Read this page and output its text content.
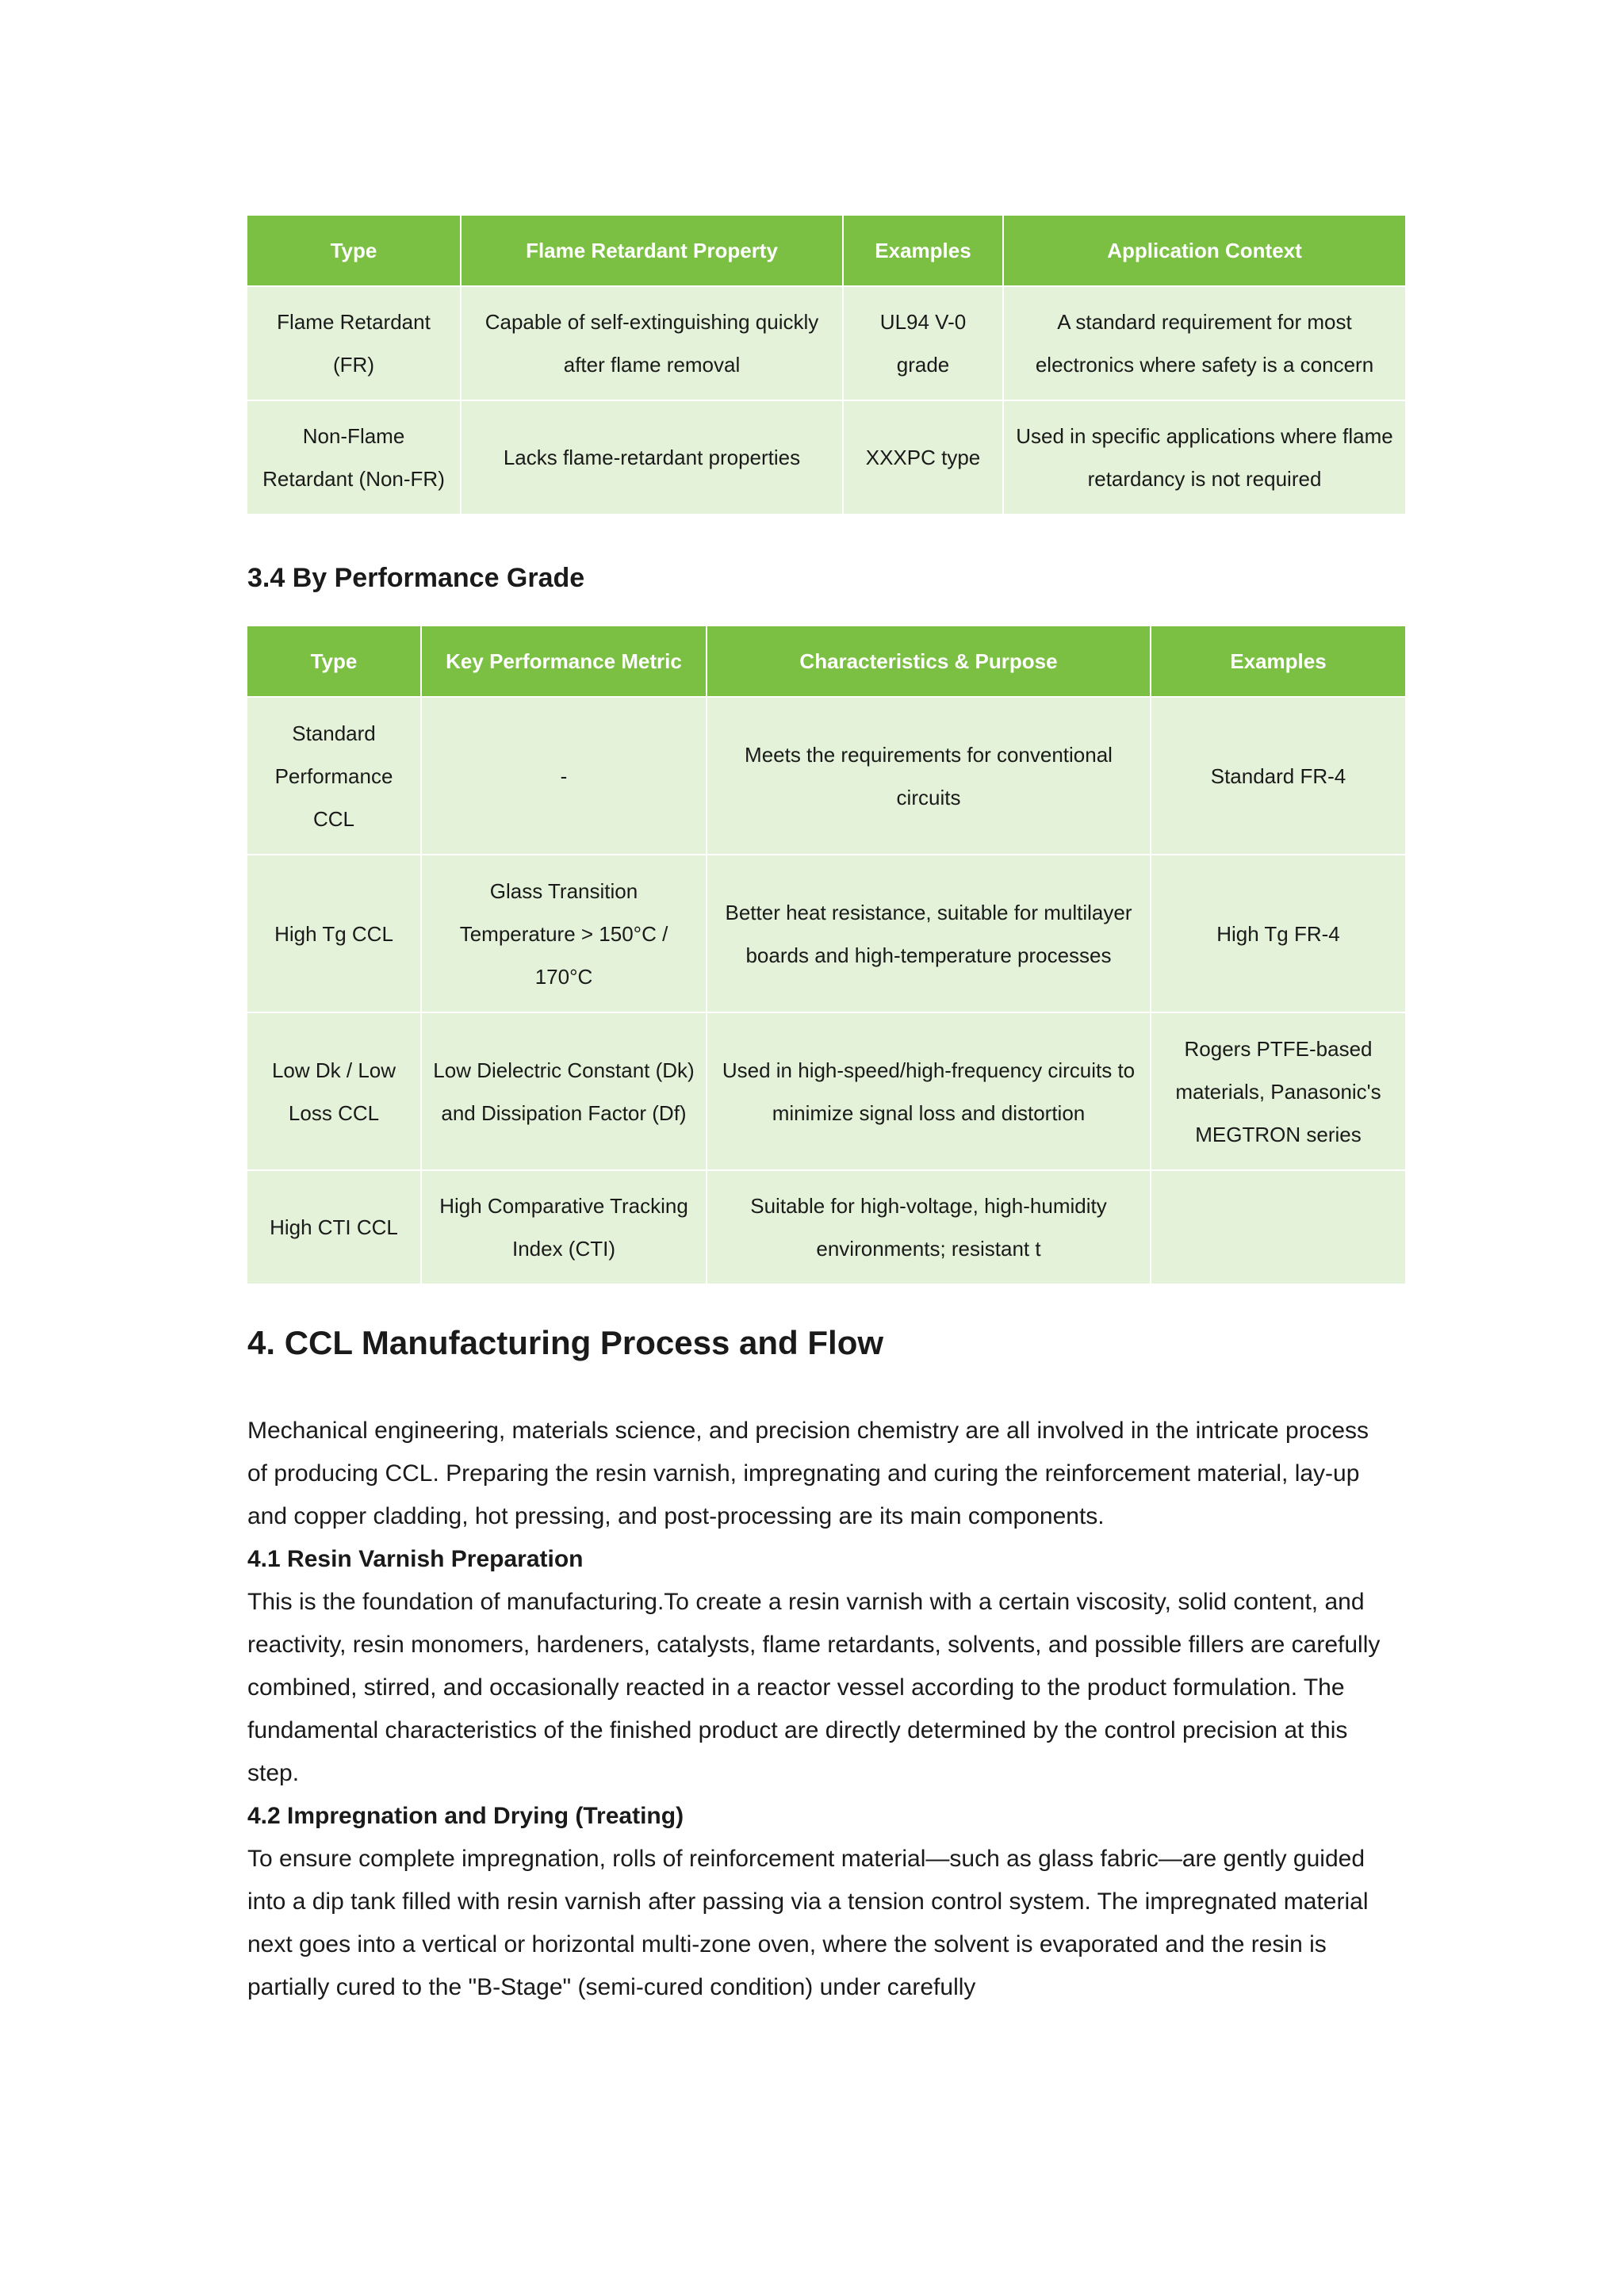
Type	Flame Retardant Property	Examples	Application Context
Flame Retardant (FR)	Capable of self-extinguishing quickly after flame removal	UL94 V-0 grade	A standard requirement for most electronics where safety is a concern
Non-Flame Retardant (Non-FR)	Lacks flame-retardant properties	XXXPC type	Used in specific applications where flame retardancy is not required
3.4 By Performance Grade
Type	Key Performance Metric	Characteristics & Purpose	Examples
Standard Performance CCL	-	Meets the requirements for conventional circuits	Standard FR-4
High Tg CCL	Glass Transition Temperature > 150°C / 170°C	Better heat resistance, suitable for multilayer boards and high-temperature processes	High Tg FR-4
Low Dk / Low Loss CCL	Low Dielectric Constant (Dk) and Dissipation Factor (Df)	Used in high-speed/high-frequency circuits to minimize signal loss and distortion	Rogers PTFE-based materials, Panasonic's MEGTRON series
High CTI CCL	High Comparative Tracking Index (CTI)	Suitable for high-voltage, high-humidity environments; resistant t	
4. CCL Manufacturing Process and Flow

Mechanical engineering, materials science, and precision chemistry are all involved in the intricate process of producing CCL. Preparing the resin varnish, impregnating and curing the reinforcement material, lay-up and copper cladding, hot pressing, and post-processing are its main components.

4.1 Resin Varnish Preparation

This is the foundation of manufacturing.To create a resin varnish with a certain viscosity, solid content, and reactivity, resin monomers, hardeners, catalysts, flame retardants, solvents, and possible fillers are carefully combined, stirred, and occasionally reacted in a reactor vessel according to the product formulation. The fundamental characteristics of the finished product are directly determined by the control precision at this step.

4.2 Impregnation and Drying (Treating)

To ensure complete impregnation, rolls of reinforcement material—such as glass fabric—are gently guided into a dip tank filled with resin varnish after passing via a tension control system. The impregnated material next goes into a vertical or horizontal multi-zone oven, where the solvent is evaporated and the resin is partially cured to the "B-Stage" (semi-cured condition) under carefully
